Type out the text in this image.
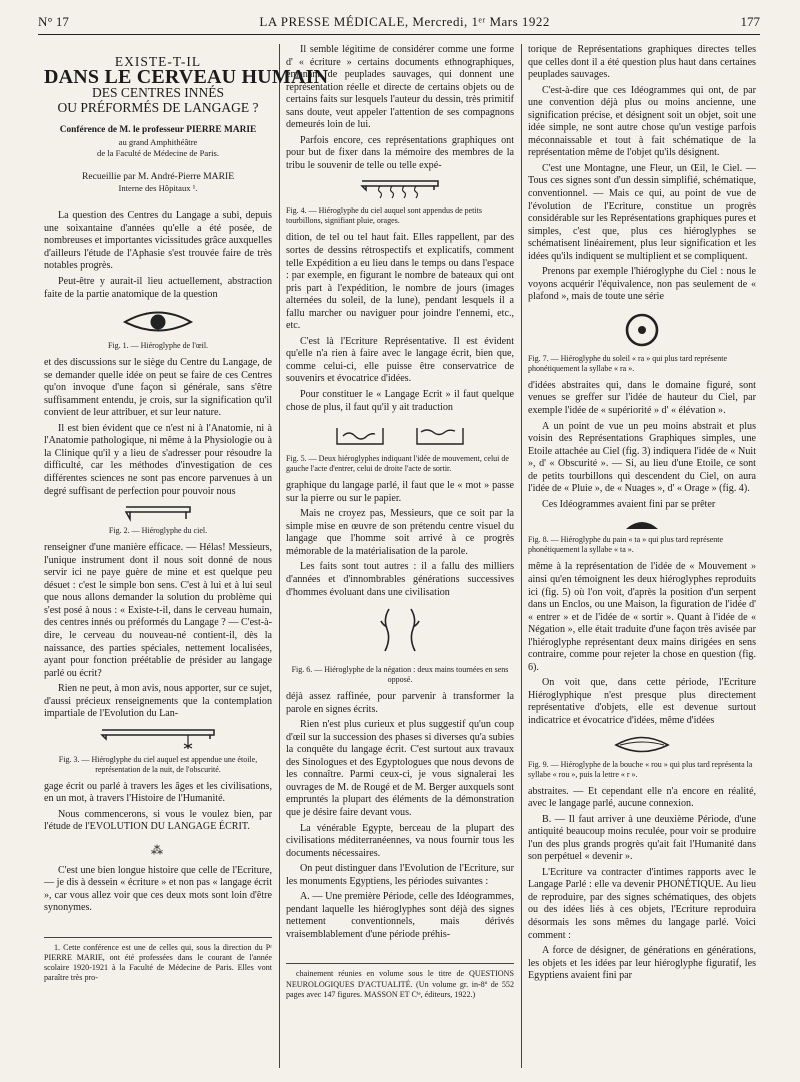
N° 17	LA PRESSE MÉDICALE, Mercredi, 1ᵉʳ Mars 1922	177
EXISTE-T-IL
DANS LE CERVEAU HUMAIN
DES CENTRES INNÉS
OU PRÉFORMÉS DE LANGAGE ?
Conférence de M. le professeur PIERRE MARIE
au grand Amphithéâtre
de la Faculté de Médecine de Paris.
Recueillie par M. André-Pierre MARIE
Interne des Hôpitaux ¹.

La question des Centres du Langage a subi, depuis une soixantaine d'années qu'elle a été posée, de nombreuses et importantes vicissitudes grâce auxquelles d'ailleurs l'étude de l'Aphasie s'est trouvée faire de très notables progrès.

Peut-être y aurait-il lieu actuellement, abstraction faite de la partie anatomique de la question

Fig. 1. — Hiéroglyphe de l'œil.

et des discussions sur le siège du Centre du Langage, de se demander quelle idée on peut se faire de ces Centres qu'on invoque d'une façon si générale, sans s'être suffisamment entendu, je crois, sur la signification qu'il convient de leur attribuer, et sur leur nature.

Il est bien évident que ce n'est ni à l'Anatomie, ni à l'Anatomie pathologique, ni même à la Physiologie ou à la Clinique qu'il y a lieu de s'adresser pour résoudre la difficulté, car les méthodes d'investigation de ces différentes sciences ne sont pas encore parvenues à un degré suffisant de perfection pour pouvoir nous

Fig. 2. — Hiéroglyphe du ciel.

renseigner d'une manière efficace. — Hélas! Messieurs, l'unique instrument dont il nous soit donné de nous servir ici ne paye guère de mine et est quelque peu désuet : c'est le simple bon sens. C'est à lui et à lui seul que nous allons demander la solution du problème qui s'est posé à nous : « Existe-t-il, dans le cerveau humain, des centres innés ou préformés du Langage ? — C'est-à-dire, le cerveau du nouveau-né contient-il, dès la naissance, des parties spéciales, nettement localisées, ayant pour fonction préétablie de présider au langage parlé ou écrit?

Rien ne peut, à mon avis, nous apporter, sur ce sujet, d'aussi précieux renseignements que la contemplation impartiale de l'Evolution du Lan-

Fig. 3. — Hiéroglyphe du ciel auquel est appendue une étoile, représentation de la nuit, de l'obscurité.

gage écrit ou parlé à travers les âges et les civilisations, en un mot, à travers l'Histoire de l'Humanité.

Nous commencerons, si vous le voulez bien, par l'étude de l'EVOLUTION DU LANGAGE ÉCRIT.

⁂

C'est une bien longue histoire que celle de l'Ecriture, — je dis à dessein « écriture » et non pas « langage écrit », car vous allez voir que ces deux mots sont loin d'être synonymes.

1. Cette conférence est une de celles qui, sous la direction du Pʳ PIERRE MARIE, ont été professées dans le courant de l'année scolaire 1920-1921 à la Faculté de Médecine de Paris. Elles vont paraître très pro-

Il semble légitime de considérer comme une forme d' « écriture » certains documents ethnographiques, émanant de peuplades sauvages, qui donnent une représentation réelle et directe de certains objets ou de certains faits sur lesquels l'auteur du dessin, très primitif sans doute, veut appeler l'attention de ses compagnons demeurés loin de lui.

Parfois encore, ces représentations graphiques ont pour but de fixer dans la mémoire des membres de la tribu le souvenir de telle ou telle expé-

Fig. 4. — Hiéroglyphe du ciel auquel sont appendus de petits tourbillons, signifiant pluie, orages.

dition, de tel ou tel haut fait. Elles rappellent, par des sortes de dessins rétrospectifs et explicatifs, comment telle Expédition a eu lieu dans le temps ou dans l'espace : par exemple, en figurant le nombre de bateaux qui ont pris part à l'expédition, le nombre de jours (images alternées du soleil, de la lune), pendant lesquels il a fallu marcher ou naviguer pour joindre l'ennemi, etc., etc.

C'est là l'Ecriture Représentative. Il est évident qu'elle n'a rien à faire avec le langage écrit, bien que, comme celui-ci, elle puisse être conservatrice de souvenirs et évocatrice d'idées.

Pour constituer le « Langage Ecrit » il faut quelque chose de plus, il faut qu'il y ait traduction

Fig. 5. — Deux hiéroglyphes indiquant l'idée de mouvement, celui de gauche l'acte d'entrer, celui de droite l'acte de sortir.

graphique du langage parlé, il faut que le « mot » passe sur la pierre ou sur le papier.

Mais ne croyez pas, Messieurs, que ce soit par la simple mise en œuvre de son prétendu centre visuel du langage que l'homme soit arrivé à ce progrès mémorable de la matérialisation de la parole.

Les faits sont tout autres : il a fallu des milliers d'années et d'innombrables générations successives d'hommes évoluant dans une civilisation

Fig. 6. — Hiéroglyphe de la négation : deux mains tournées en sens opposé.

déjà assez raffinée, pour parvenir à transformer la parole en signes écrits.

Rien n'est plus curieux et plus suggestif qu'un coup d'œil sur la succession des phases si diverses qu'a subies la conquête du langage écrit. C'est surtout aux travaux des Sinologues et des Egyptologues que nous devons de les connaître. Parmi ceux-ci, je vous signalerai les ouvrages de M. de Rougé et de M. Berger auxquels sont empruntés la plupart des éléments de la démonstration que je désire faire devant vous.

La vénérable Egypte, berceau de la plupart des civilisations méditerranéennes, va nous fournir tous les documents nécessaires.

On peut distinguer dans l'Evolution de l'Ecriture, sur les monuments Egyptiens, les périodes suivantes :

A. — Une première Période, celle des Idéogrammes, pendant laquelle les hiéroglyphes sont déjà des signes nettement conventionnels, mais dérivés vraisemblablement d'une période préhis-

chainement réunies en volume sous le titre de QUESTIONS NEUROLOGIQUES D'ACTUALITÉ. (Un volume gr. in-8º de 552 pages avec 147 figures. MASSON ET Cⁱᵉ, éditeurs, 1922.)

torique de Représentations graphiques directes telles que celles dont il a été question plus haut dans certaines peuplades sauvages.

C'est-à-dire que ces Idéogrammes qui ont, de par une convention déjà plus ou moins ancienne, une signification précise, et désignent soit un objet, soit une idée simple, ne sont autre chose qu'un vestige parfois méconnaissable et tout à fait schématique de la représentation même de l'objet qu'ils désignent.

C'est une Montagne, une Fleur, un Œil, le Ciel. — Tous ces signes sont d'un dessin simplifié, schématique, conventionnel. — Mais ce qui, au point de vue de l'évolution de l'Ecriture, constitue un progrès considérable sur les Représentations graphiques pures et simples, c'est que, plus ces hiéroglyphes se schématisent linéairement, plus leur signification et les idées qu'ils indiquent se multiplient et se compliquent.

Prenons par exemple l'hiéroglyphe du Ciel : nous le voyons acquérir l'équivalence, non pas seulement de « plafond », mais de toute une série

Fig. 7. — Hiéroglyphe du soleil « ra » qui plus tard représente phonétiquement la syllabe « ra ».

d'idées abstraites qui, dans le domaine figuré, sont venues se greffer sur l'idée de hauteur du Ciel, par exemple l'idée de « supériorité » d' « élévation ».

A un point de vue un peu moins abstrait et plus voisin des Représentations Graphiques simples, une Etoile attachée au Ciel (fig. 3) indiquera l'idée de « Nuit », d' « Obscurité ». — Si, au lieu d'une Etoile, ce sont de petits tourbillons qui descendent du Ciel, on aura l'idée de « Pluie », de « Nuages », d' « Orage » (fig. 4).

Ces Idéogrammes avaient fini par se prêter

Fig. 8. — Hiéroglyphe du pain « ta » qui plus tard représente phonétiquement la syllabe « ta ».

même à la représentation de l'idée de « Mouvement » ainsi qu'en témoignent les deux hiéroglyphes reproduits ici (fig. 5) où l'on voit, d'après la position d'un serpent dans un Enclos, ou une Maison, la figuration de l'idée d' « entrer » et de l'idée de « sortir ». Quant à l'idée de « Négation », elle était traduite d'une façon très avisée par l'hiéroglyphe représentant deux mains dirigées en sens contraire, comme pour rejeter la chose en question (fig. 6).

On voit que, dans cette période, l'Ecriture Hiéroglyphique n'est presque plus directement représentative d'objets, elle est devenue surtout indicatrice et évocatrice d'idées, même d'idées

Fig. 9. — Hiéroglyphe de la bouche « rou » qui plus tard représenta la syllabe « rou », puis la lettre « r ».

abstraites. — Et cependant elle n'a encore en réalité, avec le langage parlé, aucune connexion.

B. — Il faut arriver à une deuxième Période, d'une antiquité beaucoup moins reculée, pour voir se produire l'un des plus grands progrès qu'ait fait l'Humanité dans son perpétuel « devenir ».

L'Ecriture va contracter d'intimes rapports avec le Langage Parlé : elle va devenir PHONÉTIQUE. Au lieu de reproduire, par des signes schématiques, des objets ou des idées liés à ces objets, l'Ecriture reproduira désormais les sons mêmes du langage parlé. Voici comment :

A force de désigner, de générations en générations, les objets et les idées par leur hiéroglyphe figuratif, les Egyptiens avaient fini par
